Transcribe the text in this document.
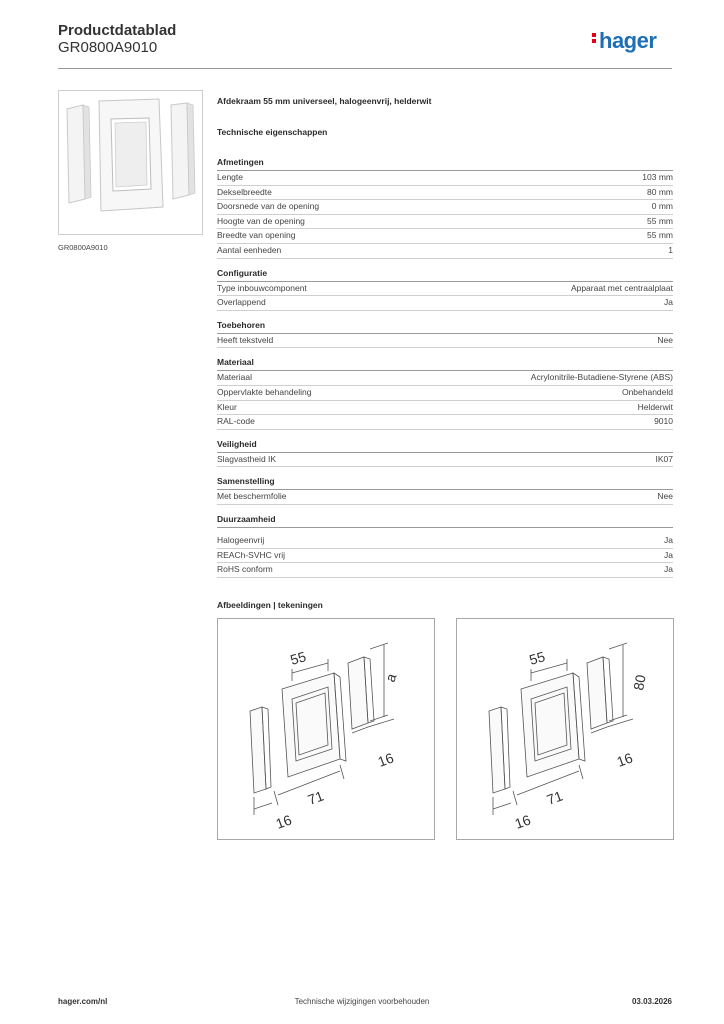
Productdatablad
GR0800A9010	hager
GR0800A9010
Afdekraam 55 mm universeel, halogeenvrij, helderwit
Technische eigenschappen
Afmetingen
Lengte	103 mm
Dekselbreedte	80 mm
Doorsnede van de opening	0 mm
Hoogte van de opening	55 mm
Breedte van opening	55 mm
Aantal eenheden	1
Configuratie
Type inbouwcomponent	Apparaat met centraalplaat
Overlappend	Ja
Toebehoren
Heeft tekstveld	Nee
Materiaal
Materiaal	Acrylonitrile-Butadiene-Styrene (ABS)
Oppervlakte behandeling	Onbehandeld
Kleur	Helderwit
RAL-code	9010
Veiligheid
Slagvastheid IK	IK07
Samenstelling
Met beschermfolie	Nee
Duurzaamheid
Halogeenvrij	Ja
REACh-SVHC vrij	Ja
RoHS conform	Ja
Afbeeldingen | tekeningen
55
a
16
71
16
55
80
16
71
16
Technische wijzigingen voorbehouden
hager.com/nl	03.03.2026
